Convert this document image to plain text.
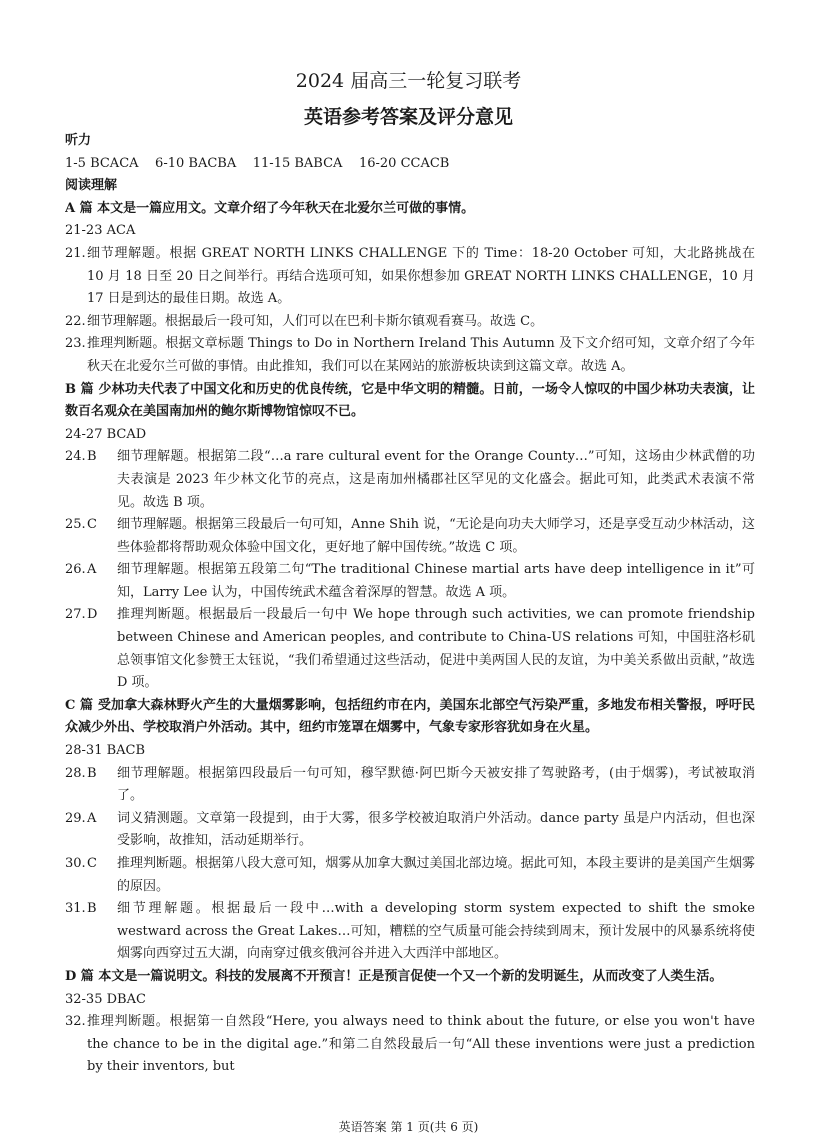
2024 届高三一轮复习联考
英语参考答案及评分意见
听力
1-5 BCACA    6-10 BACBA    11-15 BABCA    16-20 CCACB
阅读理解
A 篇 本文是一篇应用文。文章介绍了今年秋天在北爱尔兰可做的事情。
21-23 ACA
21. 细节理解题。根据 GREAT NORTH LINKS CHALLENGE 下的 Time：18-20 October 可知，大北路挑战在 10 月 18 日至 20 日之间举行。再结合选项可知，如果你想参加 GREAT NORTH LINKS CHALLENGE，10 月 17 日是到达的最佳日期。故选 A。
22. 细节理解题。根据最后一段可知，人们可以在巴利卡斯尔镇观看赛马。故选 C。
23. 推理判断题。根据文章标题 Things to Do in Northern Ireland This Autumn 及下文介绍可知，文章介绍了今年秋天在北爱尔兰可做的事情。由此推知，我们可以在某网站的旅游板块读到这篇文章。故选 A。
B 篇 少林功夫代表了中国文化和历史的优良传统，它是中华文明的精髓。日前，一场令人惊叹的中国少林功夫表演，让数百名观众在美国南加州的鲍尔斯博物馆惊叹不已。
24-27 BCAD
24. B	细节理解题。根据第二段“…a rare cultural event for the Orange County…”可知，这场由少林武僧的功夫表演是 2023 年少林文化节的亮点，这是南加州橘郡社区罕见的文化盛会。据此可知，此类武术表演不常见。故选 B 项。
25. C	细节理解题。根据第三段最后一句可知，Anne Shih 说，“无论是向功夫大师学习，还是享受互动少林活动，这些体验都将帮助观众体验中国文化，更好地了解中国传统。”故选 C 项。
26. A	细节理解题。根据第五段第二句“The traditional Chinese martial arts have deep intelligence in it”可知，Larry Lee 认为，中国传统武术蕴含着深厚的智慧。故选 A 项。
27. D	推理判断题。根据最后一段最后一句中 We hope through such activities, we can promote friendship between Chinese and American peoples, and contribute to China-US relations 可知，中国驻洛杉矶总领事馆文化参赞王太钰说，“我们希望通过这些活动，促进中美两国人民的友谊，为中美关系做出贡献，”故选 D 项。
C 篇 受加拿大森林野火产生的大量烟雾影响，包括纽约市在内，美国东北部空气污染严重，多地发布相关警报，呼吁民众减少外出、学校取消户外活动。其中，纽约市笼罩在烟雾中，气象专家形容犹如身在火星。
28-31 BACB
28. B	细节理解题。根据第四段最后一句可知，穆罕默德·阿巴斯今天被安排了驾驶路考，(由于烟雾)，考试被取消了。
29. A	词义猜测题。文章第一段提到，由于大雾，很多学校被迫取消户外活动。dance party 虽是户内活动，但也深受影响，故推知，活动延期举行。
30. C	推理判断题。根据第八段大意可知，烟雾从加拿大飘过美国北部边境。据此可知，本段主要讲的是美国产生烟雾的原因。
31. B	细节理解题。根据最后一段中…with a developing storm system expected to shift the smoke westward across the Great Lakes…可知，糟糕的空气质量可能会持续到周末，预计发展中的风暴系统将使烟雾向西穿过五大湖，向南穿过俄亥俄河谷并进入大西洋中部地区。
D 篇 本文是一篇说明文。科技的发展离不开预言！正是预言促使一个又一个新的发明诞生，从而改变了人类生活。
32-35 DBAC
32. 推理判断题。根据第一自然段“Here, you always need to think about the future, or else you won't have the chance to be in the digital age.”和第二自然段最后一句“All these inventions were just a prediction by their inventors, but
英语答案 第 1 页(共 6 页)
